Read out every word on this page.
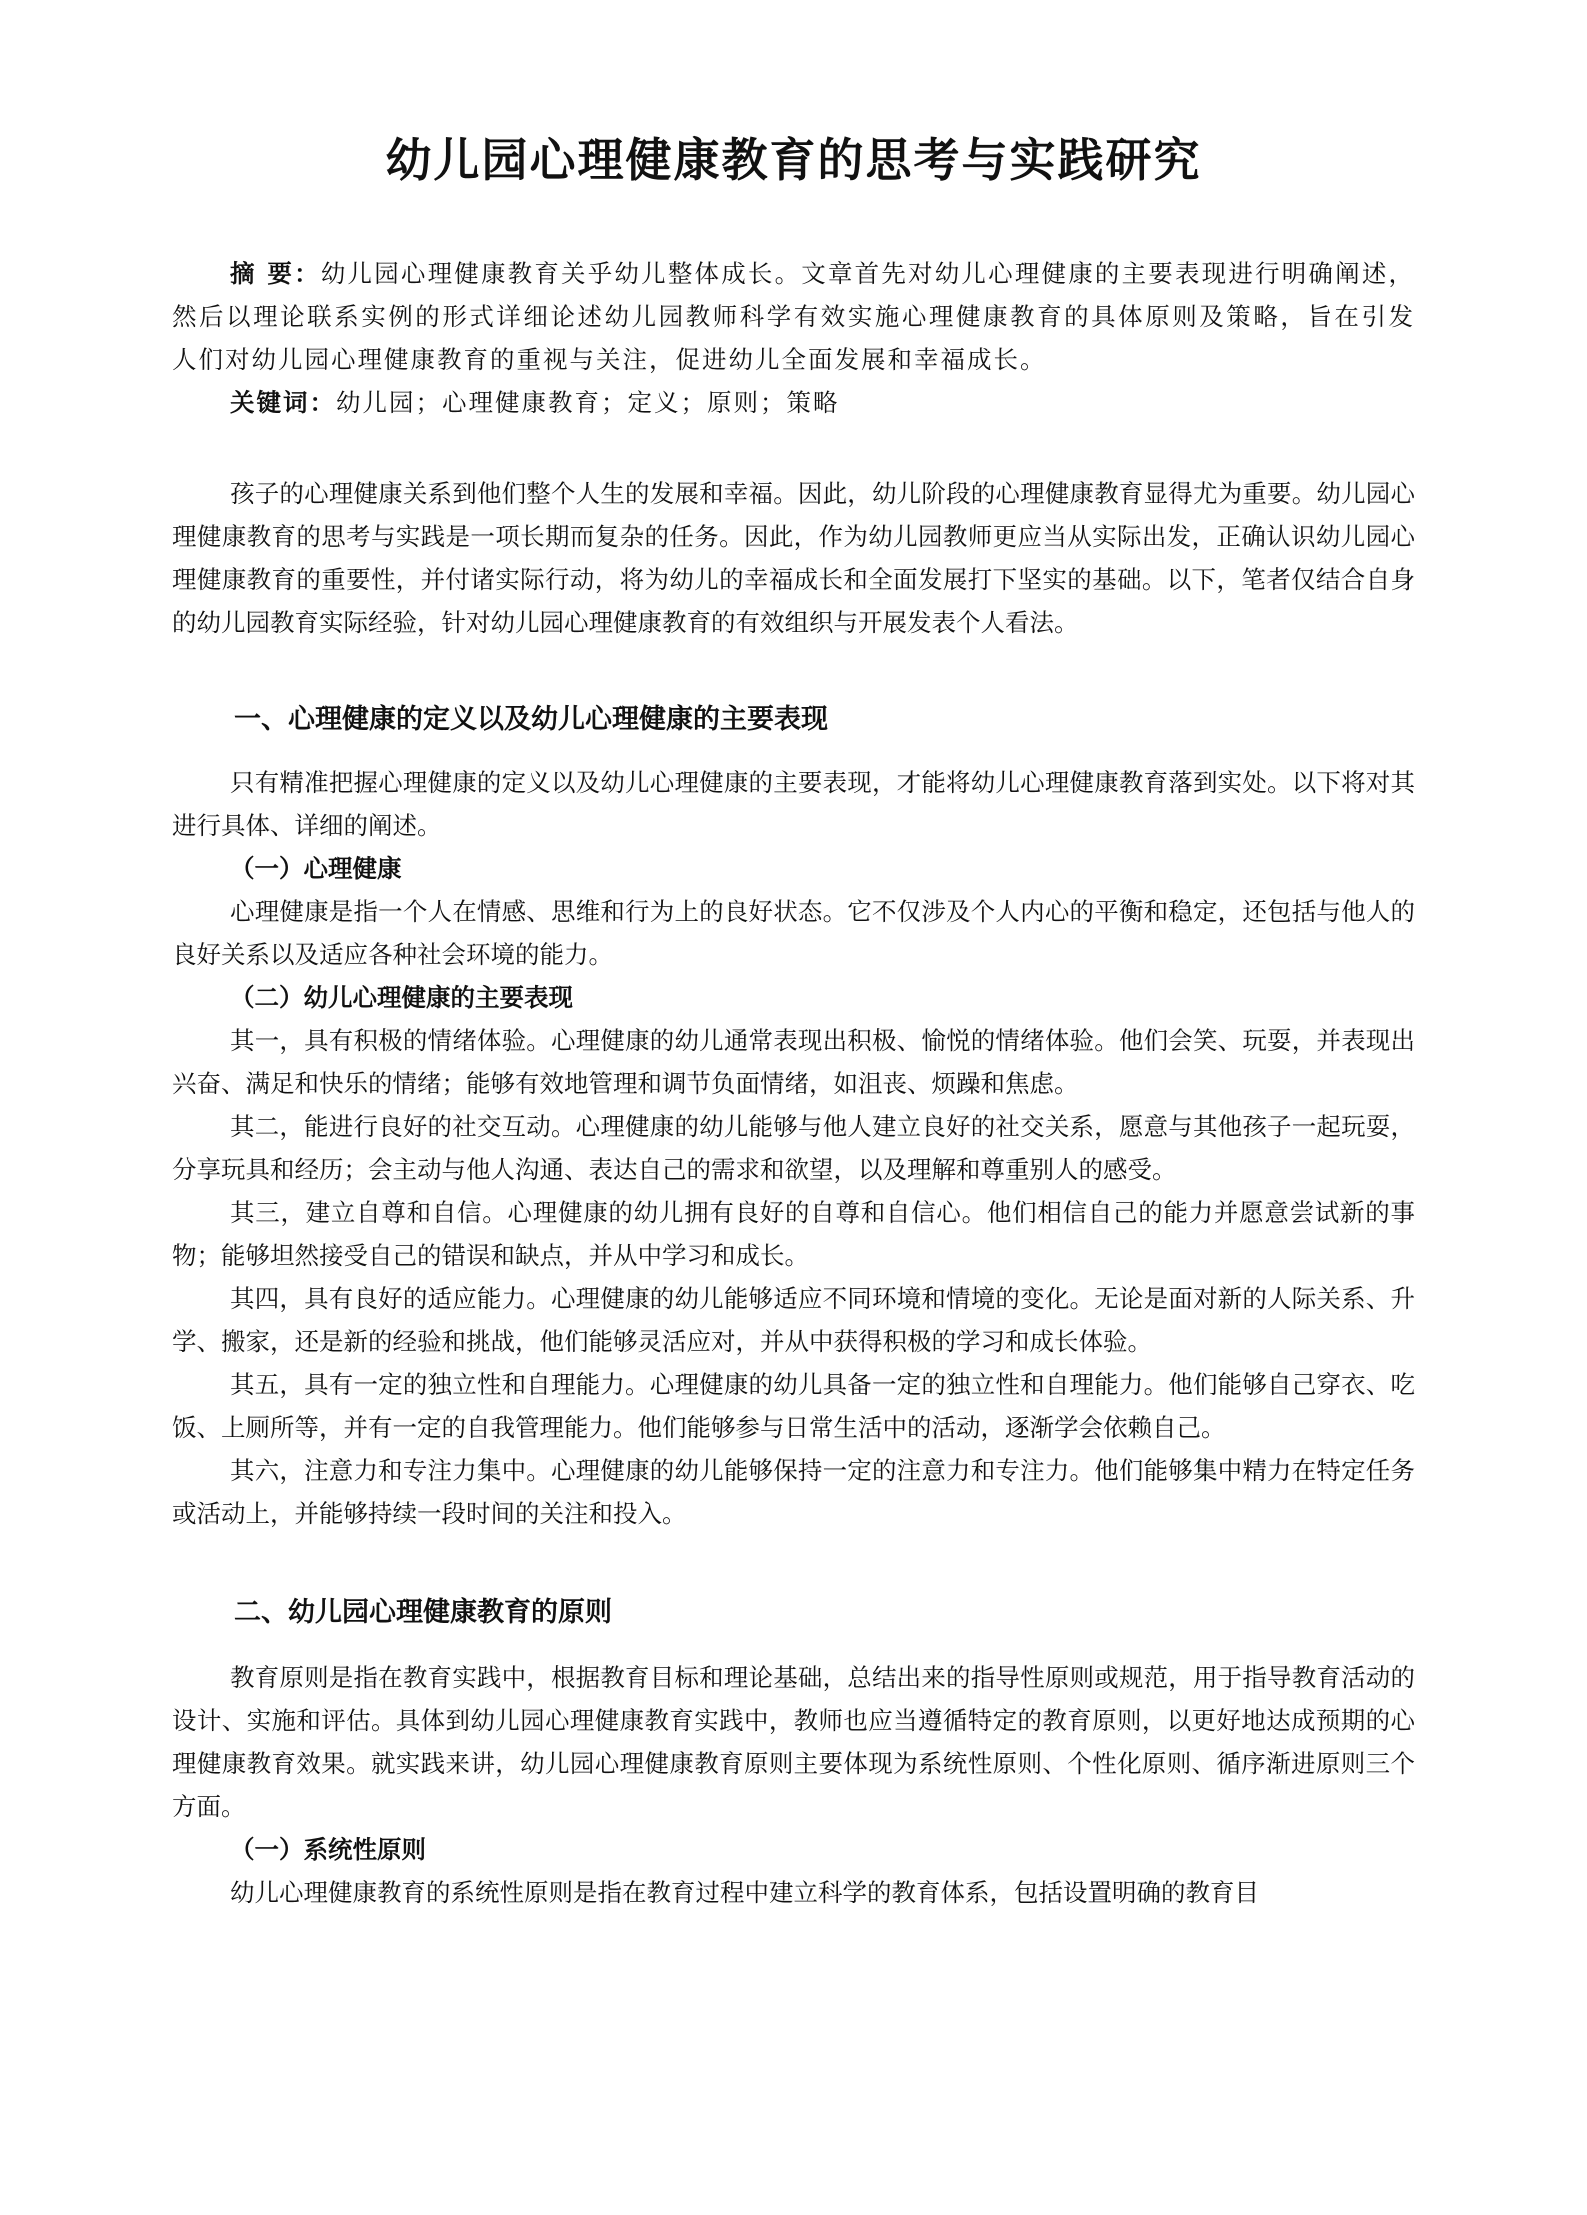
幼儿园心理健康教育的思考与实践研究

摘 要：幼儿园心理健康教育关乎幼儿整体成长。文章首先对幼儿心理健康的主要表现进行明确阐述，然后以理论联系实例的形式详细论述幼儿园教师科学有效实施心理健康教育的具体原则及策略，旨在引发人们对幼儿园心理健康教育的重视与关注，促进幼儿全面发展和幸福成长。

关键词：幼儿园；心理健康教育；定义；原则；策略

孩子的心理健康关系到他们整个人生的发展和幸福。因此，幼儿阶段的心理健康教育显得尤为重要。幼儿园心理健康教育的思考与实践是一项长期而复杂的任务。因此，作为幼儿园教师更应当从实际出发，正确认识幼儿园心理健康教育的重要性，并付诸实际行动，将为幼儿的幸福成长和全面发展打下坚实的基础。以下，笔者仅结合自身的幼儿园教育实际经验，针对幼儿园心理健康教育的有效组织与开展发表个人看法。

一、心理健康的定义以及幼儿心理健康的主要表现

只有精准把握心理健康的定义以及幼儿心理健康的主要表现，才能将幼儿心理健康教育落到实处。以下将对其进行具体、详细的阐述。

（一）心理健康

心理健康是指一个人在情感、思维和行为上的良好状态。它不仅涉及个人内心的平衡和稳定，还包括与他人的良好关系以及适应各种社会环境的能力。

（二）幼儿心理健康的主要表现

其一，具有积极的情绪体验。心理健康的幼儿通常表现出积极、愉悦的情绪体验。他们会笑、玩耍，并表现出兴奋、满足和快乐的情绪；能够有效地管理和调节负面情绪，如沮丧、烦躁和焦虑。

其二，能进行良好的社交互动。心理健康的幼儿能够与他人建立良好的社交关系，愿意与其他孩子一起玩耍，分享玩具和经历；会主动与他人沟通、表达自己的需求和欲望，以及理解和尊重别人的感受。

其三，建立自尊和自信。心理健康的幼儿拥有良好的自尊和自信心。他们相信自己的能力并愿意尝试新的事物；能够坦然接受自己的错误和缺点，并从中学习和成长。

其四，具有良好的适应能力。心理健康的幼儿能够适应不同环境和情境的变化。无论是面对新的人际关系、升学、搬家，还是新的经验和挑战，他们能够灵活应对，并从中获得积极的学习和成长体验。

其五，具有一定的独立性和自理能力。心理健康的幼儿具备一定的独立性和自理能力。他们能够自己穿衣、吃饭、上厕所等，并有一定的自我管理能力。他们能够参与日常生活中的活动，逐渐学会依赖自己。

其六，注意力和专注力集中。心理健康的幼儿能够保持一定的注意力和专注力。他们能够集中精力在特定任务或活动上，并能够持续一段时间的关注和投入。

二、幼儿园心理健康教育的原则

教育原则是指在教育实践中，根据教育目标和理论基础，总结出来的指导性原则或规范，用于指导教育活动的设计、实施和评估。具体到幼儿园心理健康教育实践中，教师也应当遵循特定的教育原则，以更好地达成预期的心理健康教育效果。就实践来讲，幼儿园心理健康教育原则主要体现为系统性原则、个性化原则、循序渐进原则三个方面。

（一）系统性原则

幼儿心理健康教育的系统性原则是指在教育过程中建立科学的教育体系，包括设置明确的教育目
